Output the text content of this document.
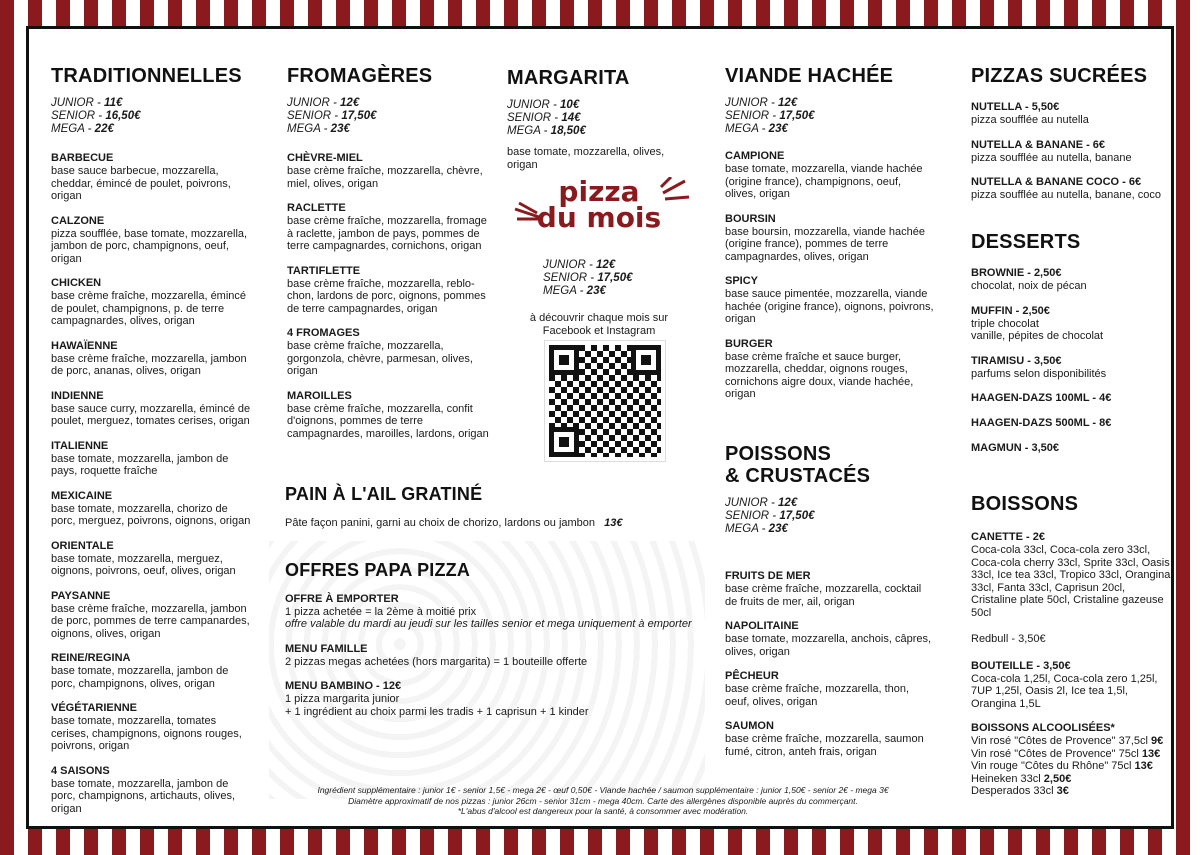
TRADITIONNELLES
JUNIOR - 11€
SENIOR - 16,50€
MEGA - 22€
BARBECUE
base sauce barbecue, mozzarella, cheddar, émincé de poulet, poivrons, origan
CALZONE
pizza soufflée, base tomate, mozzarella, jambon de porc, champignons, oeuf, origan
CHICKEN
base crème fraîche, mozzarella, émincé de poulet, champignons, p. de terre campagnardes, olives, origan
HAWAÏENNE
base crème fraîche, mozzarella, jambon de porc, ananas, olives, origan
INDIENNE
base sauce curry, mozzarella, émincé de poulet, merguez, tomates cerises, origan
ITALIENNE
base tomate, mozzarella, jambon de pays, roquette fraîche
MEXICAINE
base tomate, mozzarella, chorizo de porc, merguez, poivrons, oignons, origan
ORIENTALE
base tomate, mozzarella, merguez, oignons, poivrons, oeuf, olives, origan
PAYSANNE
base crème fraîche, mozzarella, jambon de porc, pommes de terre campanardes, oignons, olives, origan
REINE/REGINA
base tomate, mozzarella, jambon de porc, champignons, olives, origan
VÉGÉTARIENNE
base tomate, mozzarella, tomates cerises, champignons, oignons rouges, poivrons, origan
4 SAISONS
base tomate, mozzarella, jambon de porc, champignons, artichauts, olives, origan
FROMAGÈRES
JUNIOR - 12€
SENIOR - 17,50€
MEGA - 23€
CHÈVRE-MIEL
base crème fraîche, mozzarella, chèvre, miel, olives, origan
RACLETTE
base crème fraîche, mozzarella, fromage à raclette, jambon de pays, pommes de terre campagnardes, cornichons, origan
TARTIFLETTE
base crème fraîche, mozzarella, reblo-chon, lardons de porc, oignons, pommes de terre campagnardes, origan
4 FROMAGES
base crème fraîche, mozzarella, gorgonzola, chèvre, parmesan, olives, origan
MAROILLES
base crème fraîche, mozzarella, confit d'oignons, pommes de terre campagnardes, maroilles, lardons, origan
MARGARITA
JUNIOR - 10€
SENIOR - 14€
MEGA - 18,50€
base tomate, mozzarella, olives, origan
pizza
du mois
JUNIOR - 12€
SENIOR - 17,50€
MEGA - 23€
à découvrir chaque mois sur Facebook et Instagram
PAIN À L'AIL GRATINÉ
Pâte façon panini, garni au choix de chorizo, lardons ou jambon 13€
OFFRES PAPA PIZZA
OFFRE À EMPORTER
1 pizza achetée = la 2ème à moitié prix
offre valable du mardi au jeudi sur les tailles senior et mega uniquement à emporter
MENU FAMILLE
2 pizzas megas achetées (hors margarita) = 1 bouteille offerte
MENU BAMBINO - 12€
1 pizza margarita junior
+ 1 ingrédient au choix parmi les tradis + 1 caprisun + 1 kinder
VIANDE HACHÉE
JUNIOR - 12€
SENIOR - 17,50€
MEGA - 23€
CAMPIONE
base tomate, mozzarella, viande hachée (origine france), champignons, oeuf, olives, origan
BOURSIN
base boursin, mozzarella, viande hachée (origine france), pommes de terre campagnardes, olives, origan
SPICY
base sauce pimentée, mozzarella, viande hachée (origine france), oignons, poivrons, origan
BURGER
base crème fraîche et sauce burger, mozzarella, cheddar, oignons rouges, cornichons aigre doux, viande hachée, origan
POISSONS
& CRUSTACÉS
JUNIOR - 12€
SENIOR - 17,50€
MEGA - 23€
FRUITS DE MER
base crème fraîche, mozzarella, cocktail de fruits de mer, ail, origan
NAPOLITAINE
base tomate, mozzarella, anchois, câpres, olives, origan
PÊCHEUR
base crème fraîche, mozzarella, thon, oeuf, olives, origan
SAUMON
base crème fraîche, mozzarella, saumon fumé, citron, anteh frais, origan
PIZZAS SUCRÉES
NUTELLA - 5,50€
pizza soufflée au nutella
NUTELLA & BANANE - 6€
pizza soufflée au nutella, banane
NUTELLA & BANANE COCO - 6€
pizza soufflée au nutella, banane, coco
DESSERTS
BROWNIE - 2,50€
chocolat, noix de pécan
MUFFIN - 2,50€
triple chocolat
vanille, pépites de chocolat
TIRAMISU - 3,50€
parfums selon disponibilités
HAAGEN-DAZS 100ML - 4€
HAAGEN-DAZS 500ML - 8€
MAGMUN - 3,50€
BOISSONS
CANETTE - 2€
Coca-cola 33cl, Coca-cola zero 33cl, Coca-cola cherry 33cl, Sprite 33cl, Oasis 33cl, Ice tea 33cl, Tropico 33cl, Orangina 33cl, Fanta 33cl, Caprisun 20cl, Cristaline plate 50cl, Cristaline gazeuse 50cl
Redbull - 3,50€
BOUTEILLE - 3,50€
Coca-cola 1,25l, Coca-cola zero 1,25l, 7UP 1,25l, Oasis 2l, Ice tea 1,5l, Orangina 1,5L
BOISSONS ALCOOLISÉES*
Vin rosé "Côtes de Provence" 37,5cl 9€
Vin rosé "Côtes de Provence" 75cl 13€
Vin rouge "Côtes du Rhône" 75cl 13€
Heineken 33cl 2,50€
Desperados 33cl 3€
Ingrédient supplémentaire : junior 1€ - senior 1,5€ - mega 2€ - œuf 0,50€ - Viande hachée / saumon supplémentaire : junior 1,50€ - senior 2€ - mega 3€
Diamètre approximatif de nos pizzas : junior 26cm - senior 31cm - mega 40cm. Carte des allergènes disponible auprès du commerçant.
*L'abus d'alcool est dangereux pour la santé, à consommer avec modération.
